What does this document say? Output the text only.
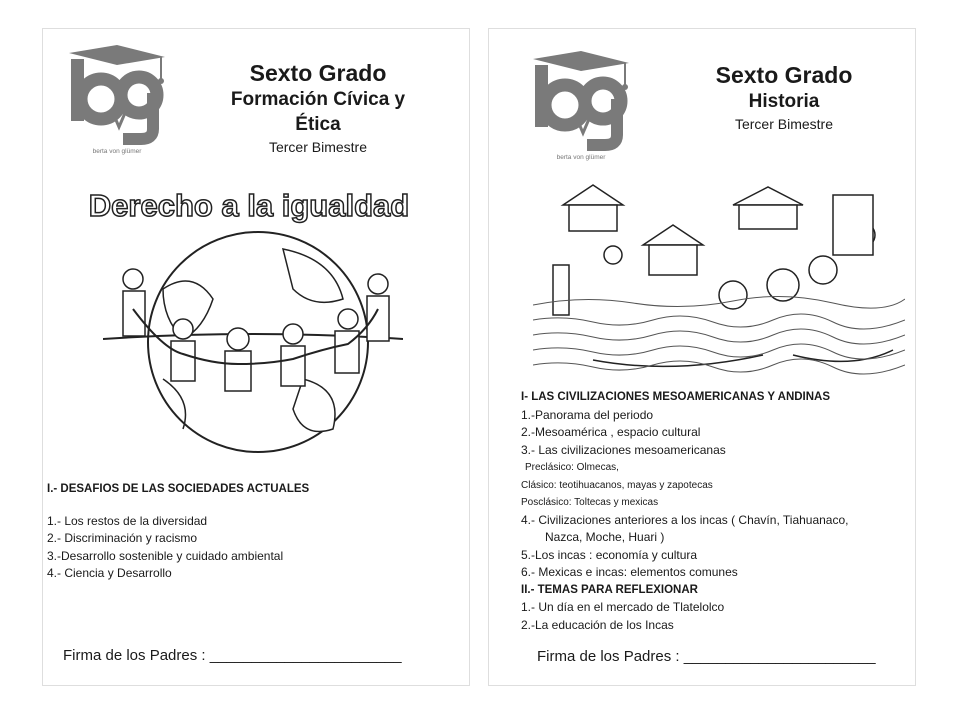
berta von glümer
Sexto Grado
Formación Cívica y
Ética
Tercer Bimestre
Derecho a la igualdad
I.- DESAFIOS DE LAS SOCIEDADES ACTUALES
1.- Los restos de la diversidad
2.- Discriminación y racismo
3.-Desarrollo sostenible y cuidado ambiental
4.- Ciencia y Desarrollo
Firma de los Padres : _______________________
berta von glümer
Sexto Grado
Historia
Tercer Bimestre
I- LAS CIVILIZACIONES MESOAMERICANAS Y ANDINAS
1.-Panorama del periodo
2.-Mesoamérica , espacio cultural
3.- Las civilizaciones mesoamericanas
Preclásico: Olmecas,
Clásico: teotihuacanos, mayas y zapotecas
Posclásico: Toltecas y mexicas
4.- Civilizaciones anteriores a los incas ( Chavín, Tiahuanaco,
Nazca, Moche, Huari )
5.-Los incas : economía y cultura
6.- Mexicas e incas: elementos comunes
II.- TEMAS PARA REFLEXIONAR
1.- Un día en el mercado de Tlatelolco
2.-La educación de los Incas
Firma de los Padres : _______________________
